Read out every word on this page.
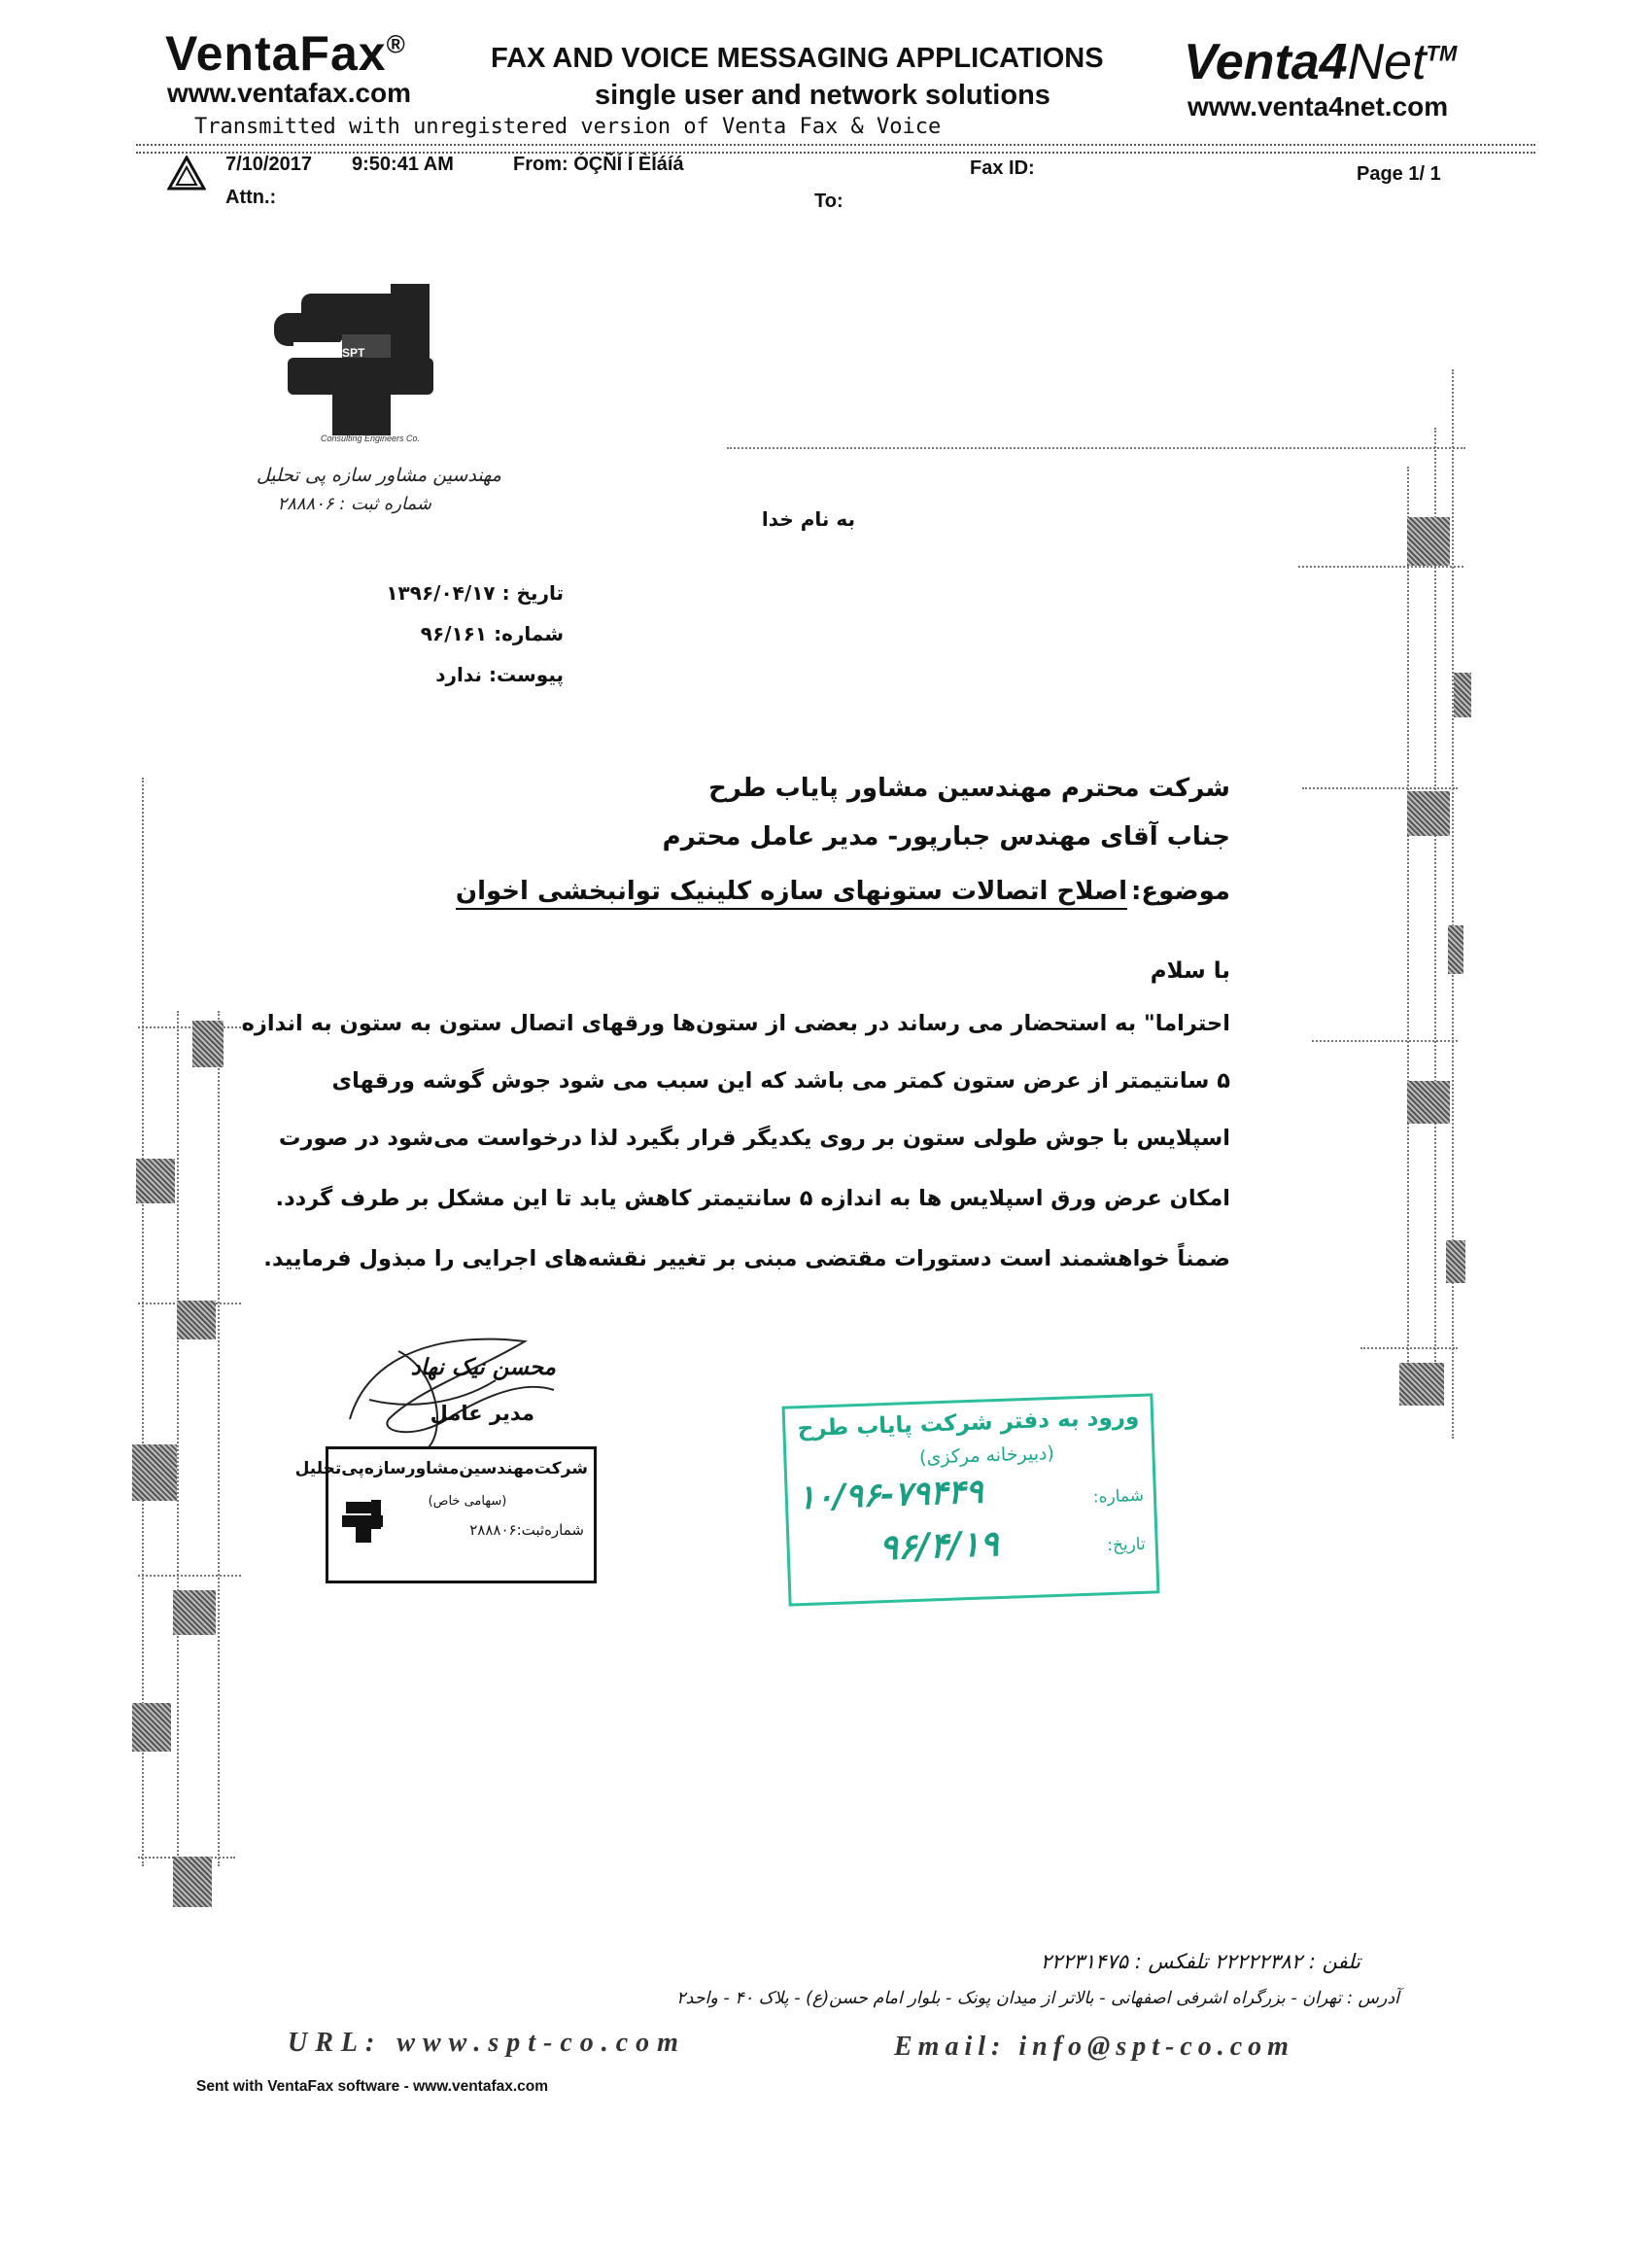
VentaFax®
www.ventafax.com
FAX AND VOICE MESSAGING APPLICATIONS
single user and network solutions
Venta4Net™
www.venta4net.com
Transmitted with unregistered version of Venta Fax & Voice
7/10/2017 9:50:41 AM	From: ÓÇÑÍ Í ÈÍáíá	Fax ID:	Page 1/ 1
Attn.:	To:
SPT
Consulting Engineers Co.
مهندسین مشاور سازه پی تحلیل
شماره ثبت : ۲۸۸۸۰۶
به نام خدا
تاریخ : ۱۳۹۶/۰۴/۱۷
شماره: ۹۶/۱۶۱
پیوست: ندارد
شرکت محترم مهندسین مشاور پایاب طرح
جناب آقای مهندس جبارپور- مدیر عامل محترم
موضوع:
اصلاح اتصالات ستونهای سازه کلینیک توانبخشی اخوان
با سلام
احتراما" به استحضار می رساند در بعضی از ستون‌ها ورقهای اتصال ستون به ستون به اندازه
۵ سانتیمتر از عرض ستون کمتر می باشد که این سبب می شود جوش گوشه ورقهای
اسپلایس با جوش طولی ستون بر روی یکدیگر قرار بگیرد لذا درخواست می‌شود در صورت
امکان عرض ورق اسپلایس ها به اندازه ۵ سانتیمتر کاهش یابد تا این مشکل بر طرف گردد.
ضمناً خواهشمند است دستورات مقتضی مبنی بر تغییر نقشه‌های اجرایی را مبذول فرمایید.
محسن نیک نهاد
مدیر عامل
شرکت‌مهندسین‌مشاور‌سازه‌پی‌تحلیل
(سهامی خاص)
شماره‌ثبت:۲۸۸۸۰۶
ورود به دفتر شرکت پایاب طرح
(دبیرخانه مرکزی)
شماره:
۱۰/۹۶-۷۹۴۴۹
تاریخ:
۹۶/۴/۱۹
تلفن : ۲۲۲۲۲۳۸۲ تلفکس : ۲۲۲۳۱۴۷۵
آدرس : تهران - بزرگراه اشرفی اصفهانی - بالاتر از میدان پونک - بلوار امام حسن(ع) - پلاک ۴۰ - واحد۲
URL: www.spt-co.com	Email: info@spt-co.com
Sent with VentaFax software - www.ventafax.com
